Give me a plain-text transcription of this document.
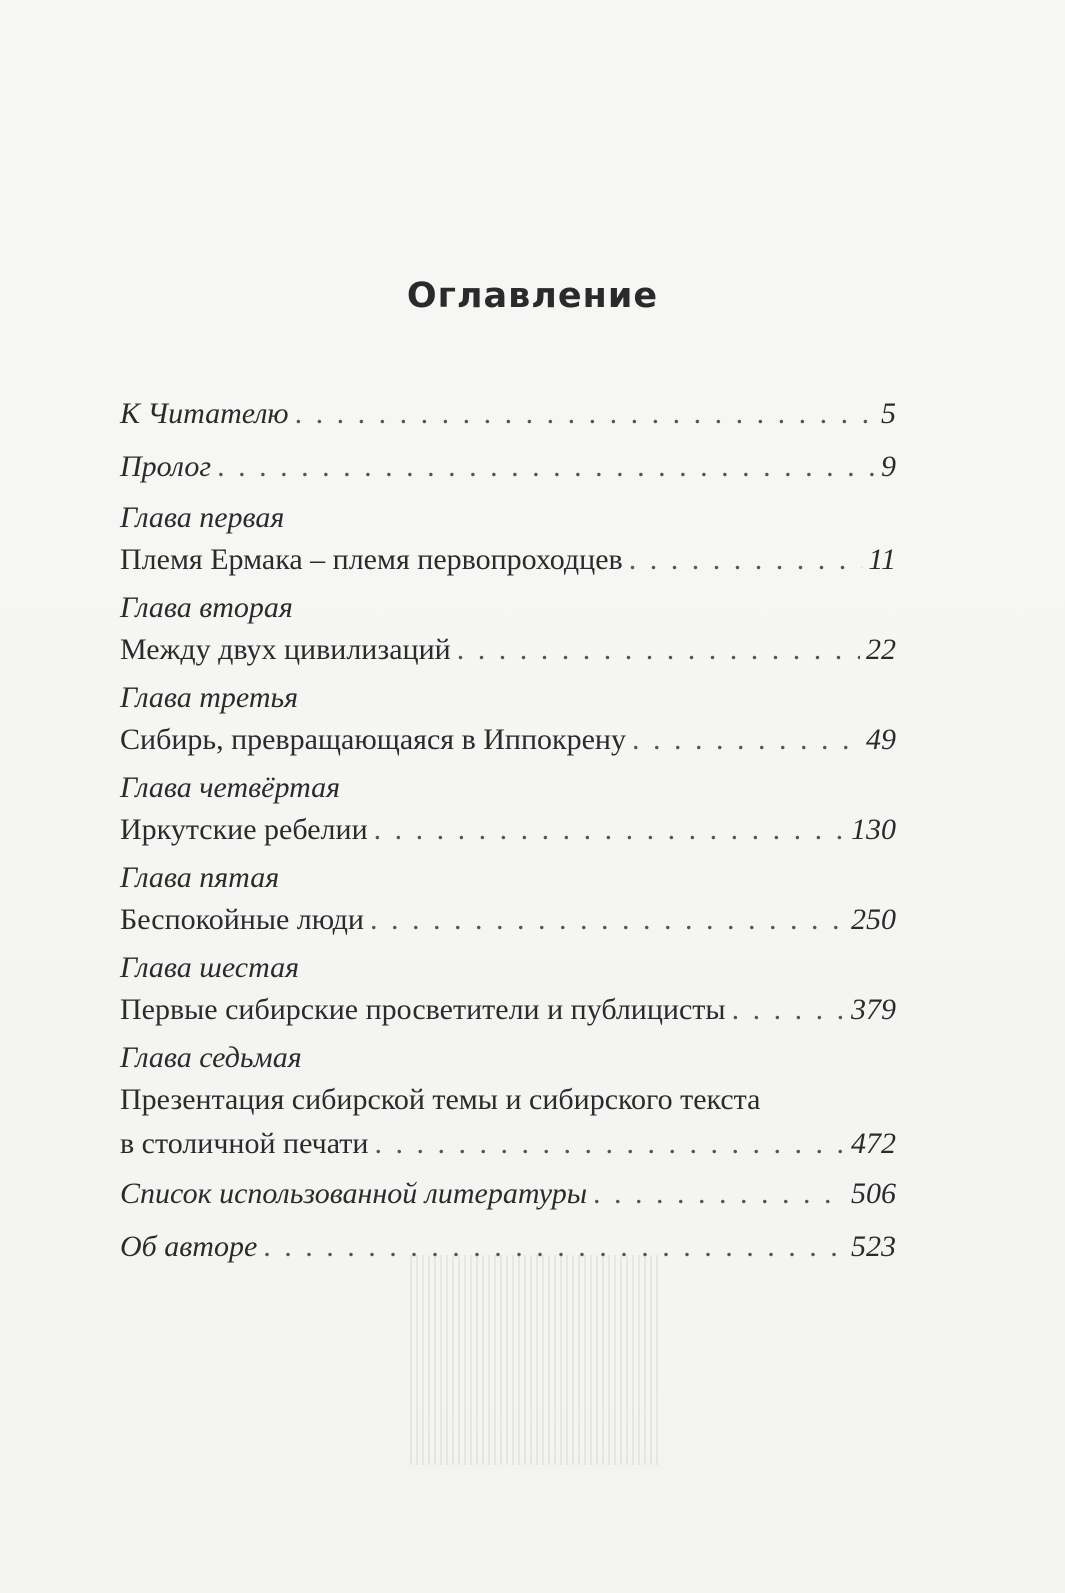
Оглавление
К Читателю . . .	5
Пролог . . .	9
Глава первая
Племя Ермака – племя первопроходцев . . .	11
Глава вторая
Между двух цивилизаций . . .	22
Глава третья
Сибирь, превращающаяся в Иппокрену . . .	49
Глава четвёртая
Иркутские ребелии . . .	130
Глава пятая
Беспокойные люди . . .	250
Глава шестая
Первые сибирские просветители и публицисты . . .	379
Глава седьмая
Презентация сибирской темы и сибирского текста
в столичной печати . . .	472
Список использованной литературы . . .	506
Об авторе . . .	523
